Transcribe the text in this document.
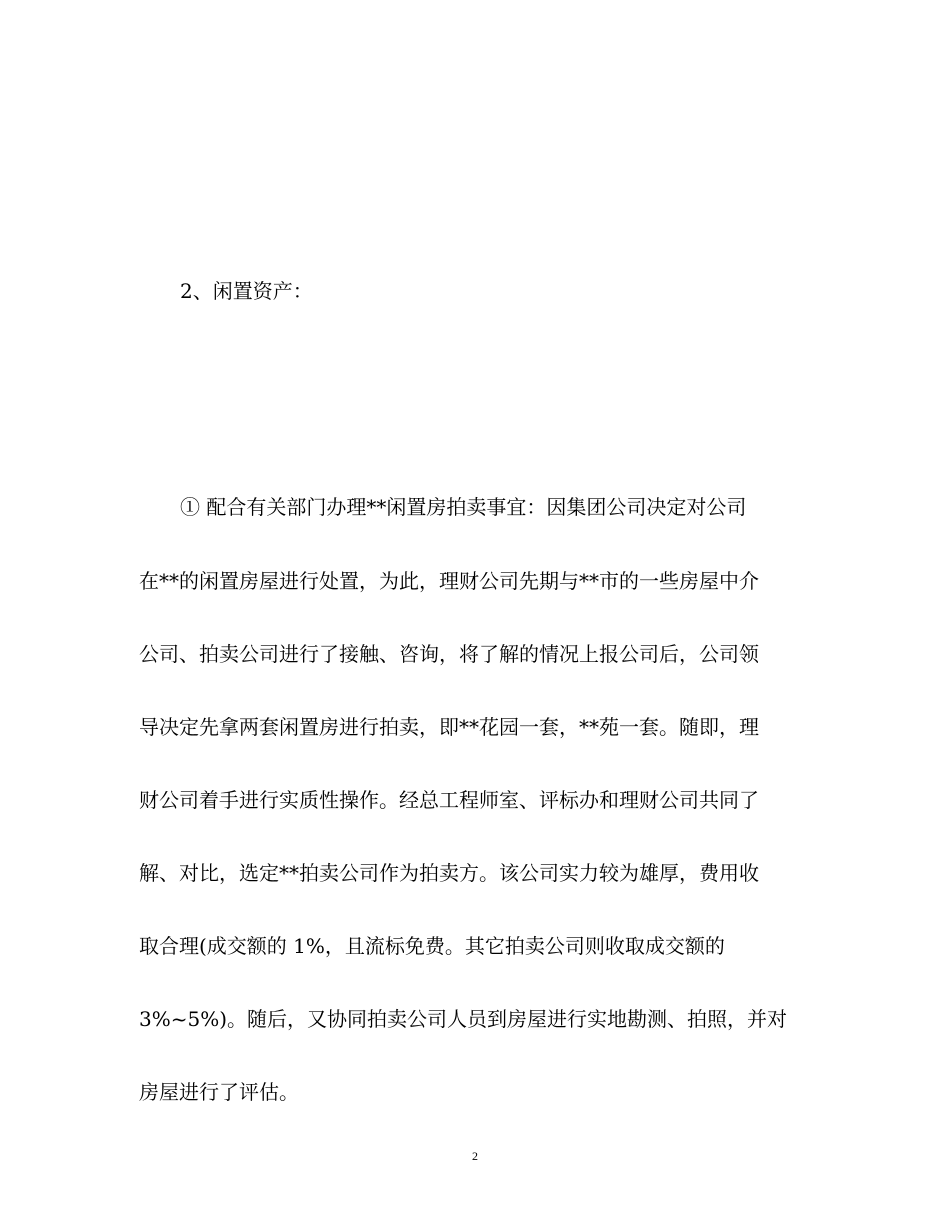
2、闲置资产：
① 配合有关部门办理**闲置房拍卖事宜：因集团公司决定对公司
在**的闲置房屋进行处置，为此，理财公司先期与**市的一些房屋中介
公司、拍卖公司进行了接触、咨询，将了解的情况上报公司后，公司领
导决定先拿两套闲置房进行拍卖，即**花园一套，**苑一套。随即，理
财公司着手进行实质性操作。经总工程师室、评标办和理财公司共同了
解、对比，选定**拍卖公司作为拍卖方。该公司实力较为雄厚，费用收
取合理(成交额的 1%，且流标免费。其它拍卖公司则收取成交额的
3%~5%)。随后，又协同拍卖公司人员到房屋进行实地勘测、拍照，并对
房屋进行了评估。
2
